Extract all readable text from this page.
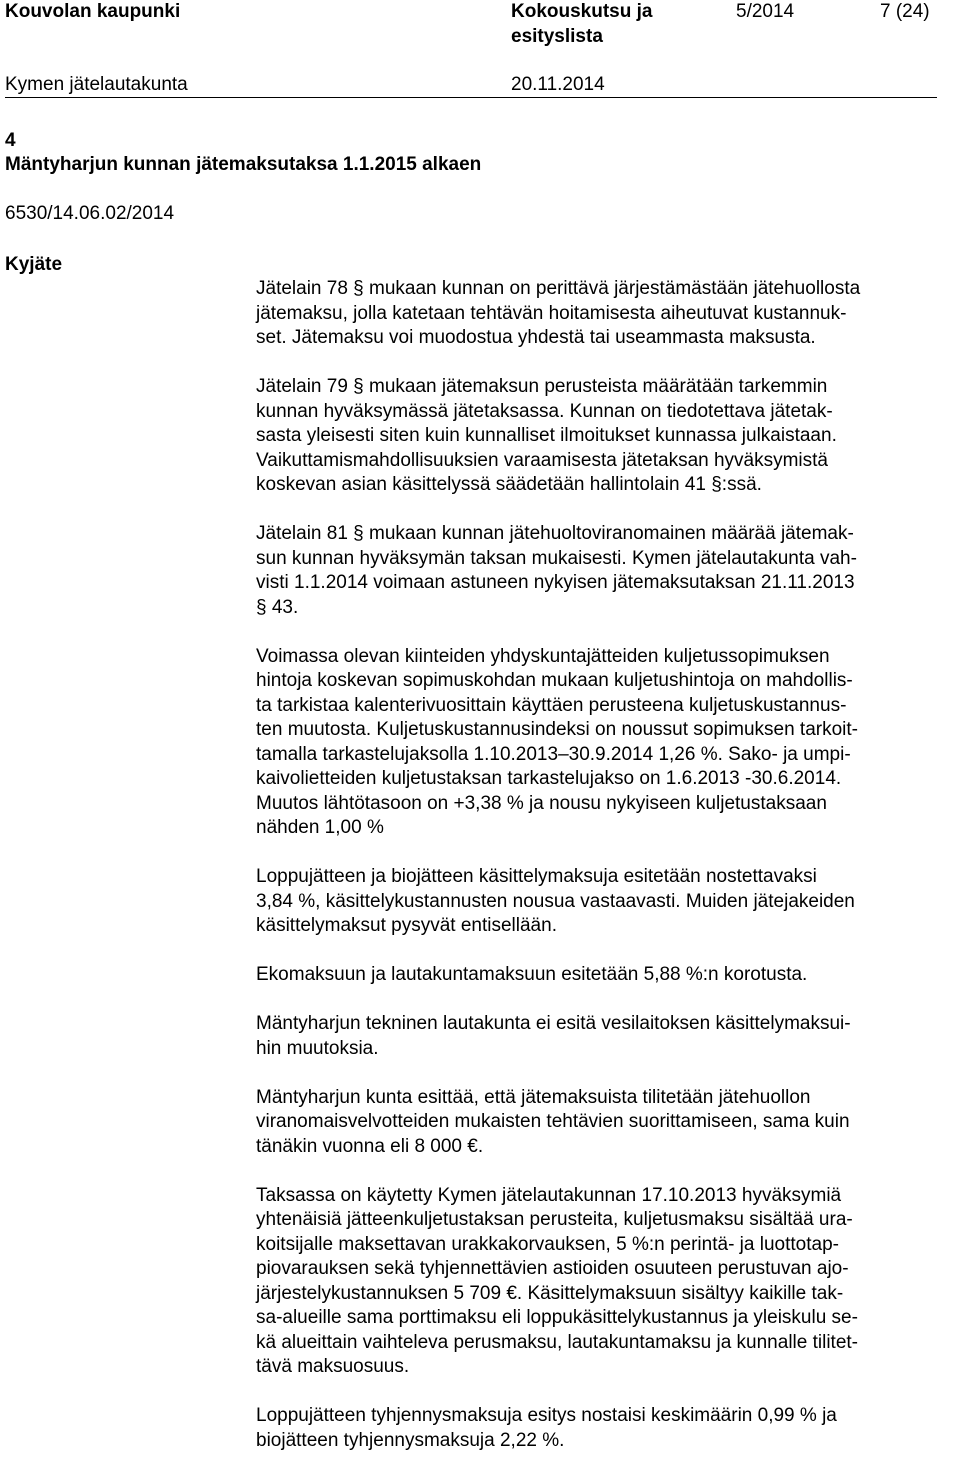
Kouvolan kaupunki	Kokouskutsu ja
esityslista
5/2014	7 (24)
Kymen jätelautakunta	20.11.2014
4
Mäntyharjun kunnan jätemaksutaksa 1.1.2015 alkaen
6530/14.06.02/2014
Kyjäte

Jätelain 78 § mukaan kunnan on perittävä järjestämästään jätehuollosta
jätemaksu, jolla katetaan tehtävän hoitamisesta aiheutuvat kustannuk-
set. Jätemaksu voi muodostua yhdestä tai useammasta maksusta.

Jätelain 79 § mukaan jätemaksun perusteista määrätään tarkemmin
kunnan hyväksymässä jätetaksassa. Kunnan on tiedotettava jätetak-
sasta yleisesti siten kuin kunnalliset ilmoitukset kunnassa julkaistaan.
Vaikuttamismahdollisuuksien varaamisesta jätetaksan hyväksymistä
koskevan asian käsittelyssä säädetään hallintolain 41 §:ssä.

Jätelain 81 § mukaan kunnan jätehuoltoviranomainen määrää jätemak-
sun kunnan hyväksymän taksan mukaisesti. Kymen jätelautakunta vah-
visti 1.1.2014 voimaan astuneen nykyisen jätemaksutaksan 21.11.2013
§ 43.

Voimassa olevan kiinteiden yhdyskuntajätteiden kuljetussopimuksen
hintoja koskevan sopimuskohdan mukaan kuljetushintoja on mahdollis-
ta tarkistaa kalenterivuosittain käyttäen perusteena kuljetuskustannus-
ten muutosta. Kuljetuskustannusindeksi on noussut sopimuksen tarkoit-
tamalla tarkastelujaksolla 1.10.2013–30.9.2014 1,26 %. Sako- ja umpi-
kaivolietteiden kuljetustaksan tarkastelujakso on 1.6.2013 -30.6.2014.
Muutos lähtötasoon on +3,38 % ja nousu nykyiseen kuljetustaksaan
nähden 1,00 %

Loppujätteen ja biojätteen käsittelymaksuja esitetään nostettavaksi
3,84 %, käsittelykustannusten nousua vastaavasti. Muiden jätejakeiden
käsittelymaksut pysyvät entisellään.

Ekomaksuun ja lautakuntamaksuun esitetään 5,88 %:n korotusta.

Mäntyharjun tekninen lautakunta ei esitä vesilaitoksen käsittelymaksui-
hin muutoksia.

Mäntyharjun kunta esittää, että jätemaksuista tilitetään jätehuollon
viranomaisvelvotteiden mukaisten tehtävien suorittamiseen, sama kuin
tänäkin vuonna eli 8 000 €.

Taksassa on käytetty Kymen jätelautakunnan 17.10.2013 hyväksymiä
yhtenäisiä jätteenkuljetustaksan perusteita, kuljetusmaksu sisältää ura-
koitsijalle maksettavan urakkakorvauksen, 5 %:n perintä- ja luottotap-
piovarauksen sekä tyhjennettävien astioiden osuuteen perustuvan ajo-
järjestelykustannuksen 5 709 €. Käsittelymaksuun sisältyy kaikille tak-
sa-alueille sama porttimaksu eli loppukäsittelykustannus ja yleiskulu se-
kä alueittain vaihteleva perusmaksu, lautakuntamaksu ja kunnalle tilitet-
tävä maksuosuus.

Loppujätteen tyhjennysmaksuja esitys nostaisi keskimäärin 0,99 % ja
biojätteen tyhjennysmaksuja 2,22 %.
